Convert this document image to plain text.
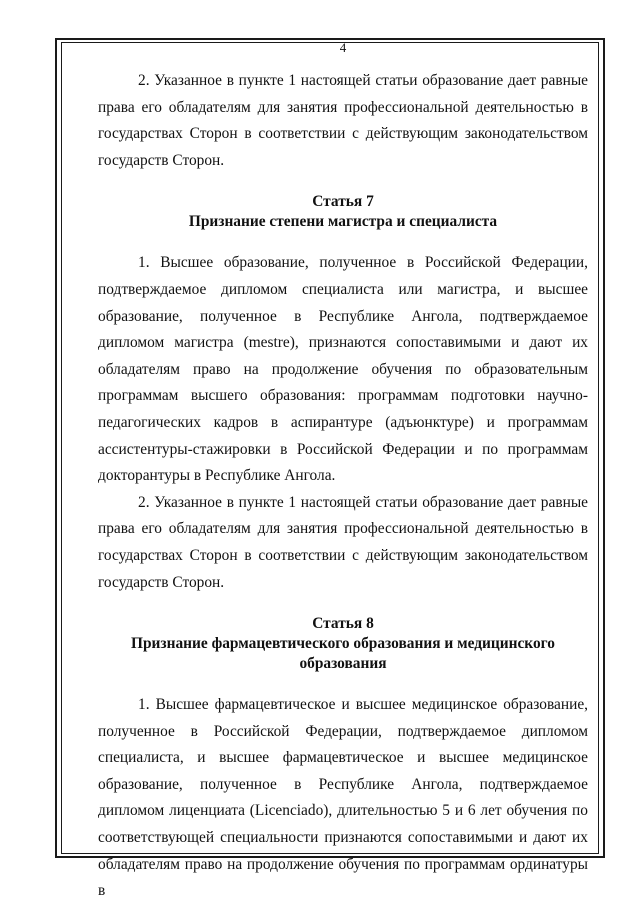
4

2. Указанное в пункте 1 настоящей статьи образование дает равные права его обладателям для занятия профессиональной деятельностью в государствах Сторон в соответствии с действующим законодательством государств Сторон.

Статья 7

Признание степени магистра и специалиста

1. Высшее образование, полученное в Российской Федерации, подтверждаемое дипломом специалиста или магистра, и высшее образование, полученное в Республике Ангола, подтверждаемое дипломом магистра (mestre), признаются сопоставимыми и дают их обладателям право на продолжение обучения по образовательным программам высшего образования: программам подготовки научно-педагогических кадров в аспирантуре (адъюнктуре) и программам ассистентуры-стажировки в Российской Федерации и по программам докторантуры в Республике Ангола.

2. Указанное в пункте 1 настоящей статьи образование дает равные права его обладателям для занятия профессиональной деятельностью в государствах Сторон в соответствии с действующим законодательством государств Сторон.

Статья 8

Признание фармацевтического образования и медицинского образования

1. Высшее фармацевтическое и высшее медицинское образование, полученное в Российской Федерации, подтверждаемое дипломом специалиста, и высшее фармацевтическое и высшее медицинское образование, полученное в Республике Ангола, подтверждаемое дипломом лиценциата (Licenciado), длительностью 5 и 6 лет обучения по соответствующей специальности признаются сопоставимыми и дают их обладателям право на продолжение обучения по программам ординатуры в
